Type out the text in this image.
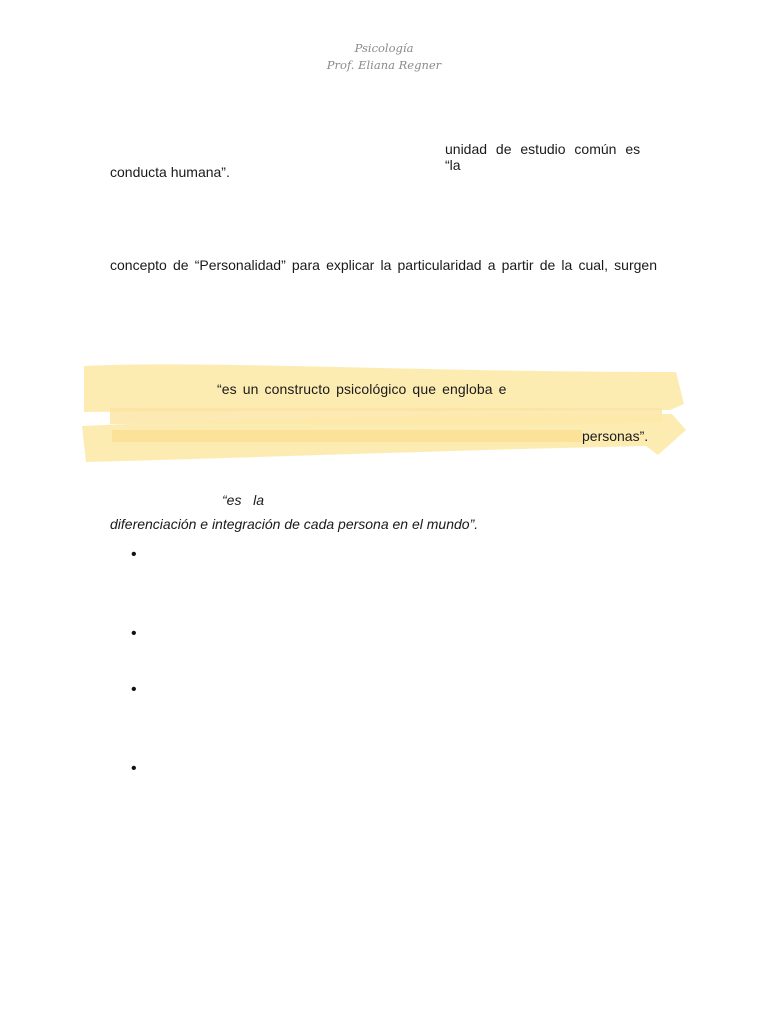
Psicología
Prof. Eliana Regner
unidad de estudio común es “la
conducta humana”.
concepto de “Personalidad” para explicar la particularidad a partir de la cual, surgen
“es un constructo psicológico que engloba e
personas”.
“es   la
diferenciación e integración de cada persona en el mundo”.
•
•
•
•
